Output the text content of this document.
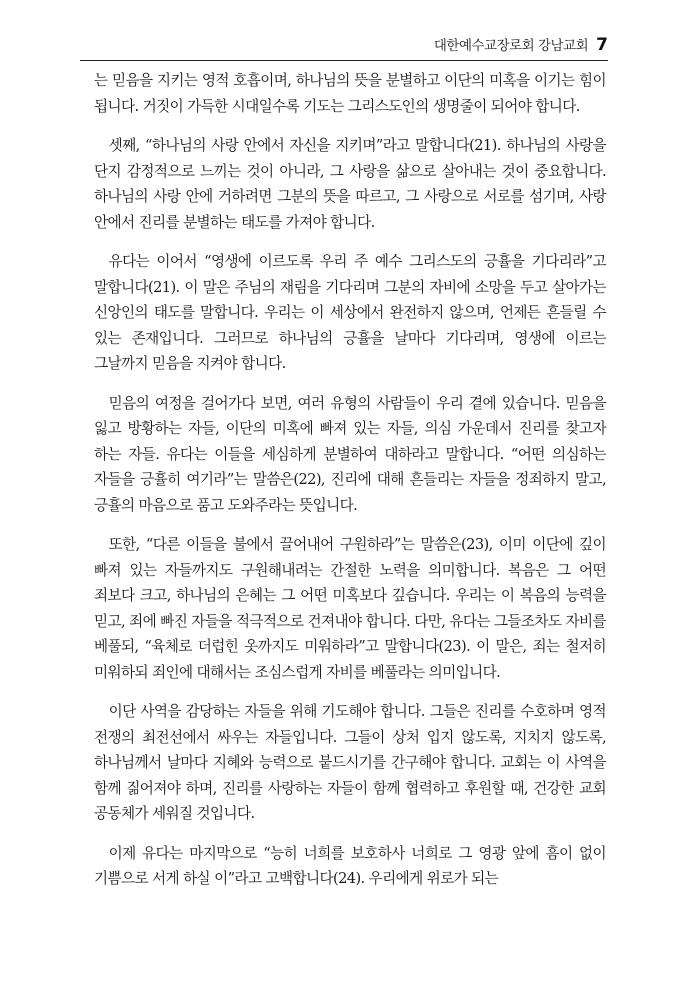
대한예수교장로회 강남교회 7

는 믿음을 지키는 영적 호흡이며, 하나님의 뜻을 분별하고 이단의 미혹을 이기는 힘이 됩니다. 거짓이 가득한 시대일수록 기도는 그리스도인의 생명줄이 되어야 합니다.

셋째, “하나님의 사랑 안에서 자신을 지키며”라고 말합니다(21). 하나님의 사랑을 단지 감정적으로 느끼는 것이 아니라, 그 사랑을 삶으로 살아내는 것이 중요합니다. 하나님의 사랑 안에 거하려면 그분의 뜻을 따르고, 그 사랑으로 서로를 섬기며, 사랑 안에서 진리를 분별하는 태도를 가져야 합니다.

유다는 이어서 “영생에 이르도록 우리 주 예수 그리스도의 긍휼을 기다리라”고 말합니다(21). 이 말은 주님의 재림을 기다리며 그분의 자비에 소망을 두고 살아가는 신앙인의 태도를 말합니다. 우리는 이 세상에서 완전하지 않으며, 언제든 흔들릴 수 있는 존재입니다. 그러므로 하나님의 긍휼을 날마다 기다리며, 영생에 이르는 그날까지 믿음을 지켜야 합니다.

믿음의 여정을 걸어가다 보면, 여러 유형의 사람들이 우리 곁에 있습니다. 믿음을 잃고 방황하는 자들, 이단의 미혹에 빠져 있는 자들, 의심 가운데서 진리를 찾고자 하는 자들. 유다는 이들을 세심하게 분별하여 대하라고 말합니다. “어떤 의심하는 자들을 긍휼히 여기라”는 말씀은(22), 진리에 대해 흔들리는 자들을 정죄하지 말고, 긍휼의 마음으로 품고 도와주라는 뜻입니다.

또한, “다른 이들을 불에서 끌어내어 구원하라”는 말씀은(23), 이미 이단에 깊이 빠져 있는 자들까지도 구원해내려는 간절한 노력을 의미합니다. 복음은 그 어떤 죄보다 크고, 하나님의 은혜는 그 어떤 미혹보다 깊습니다. 우리는 이 복음의 능력을 믿고, 죄에 빠진 자들을 적극적으로 건져내야 합니다. 다만, 유다는 그들조차도 자비를 베풀되, “육체로 더럽힌 옷까지도 미워하라”고 말합니다(23). 이 말은, 죄는 철저히 미워하되 죄인에 대해서는 조심스럽게 자비를 베풀라는 의미입니다.

이단 사역을 감당하는 자들을 위해 기도해야 합니다. 그들은 진리를 수호하며 영적 전쟁의 최전선에서 싸우는 자들입니다. 그들이 상처 입지 않도록, 지치지 않도록, 하나님께서 날마다 지혜와 능력으로 붙드시기를 간구해야 합니다. 교회는 이 사역을 함께 짊어져야 하며, 진리를 사랑하는 자들이 함께 협력하고 후원할 때, 건강한 교회 공동체가 세워질 것입니다.

이제 유다는 마지막으로 “능히 너희를 보호하사 너희로 그 영광 앞에 흠이 없이 기쁨으로 서게 하실 이”라고 고백합니다(24). 우리에게 위로가 되는
